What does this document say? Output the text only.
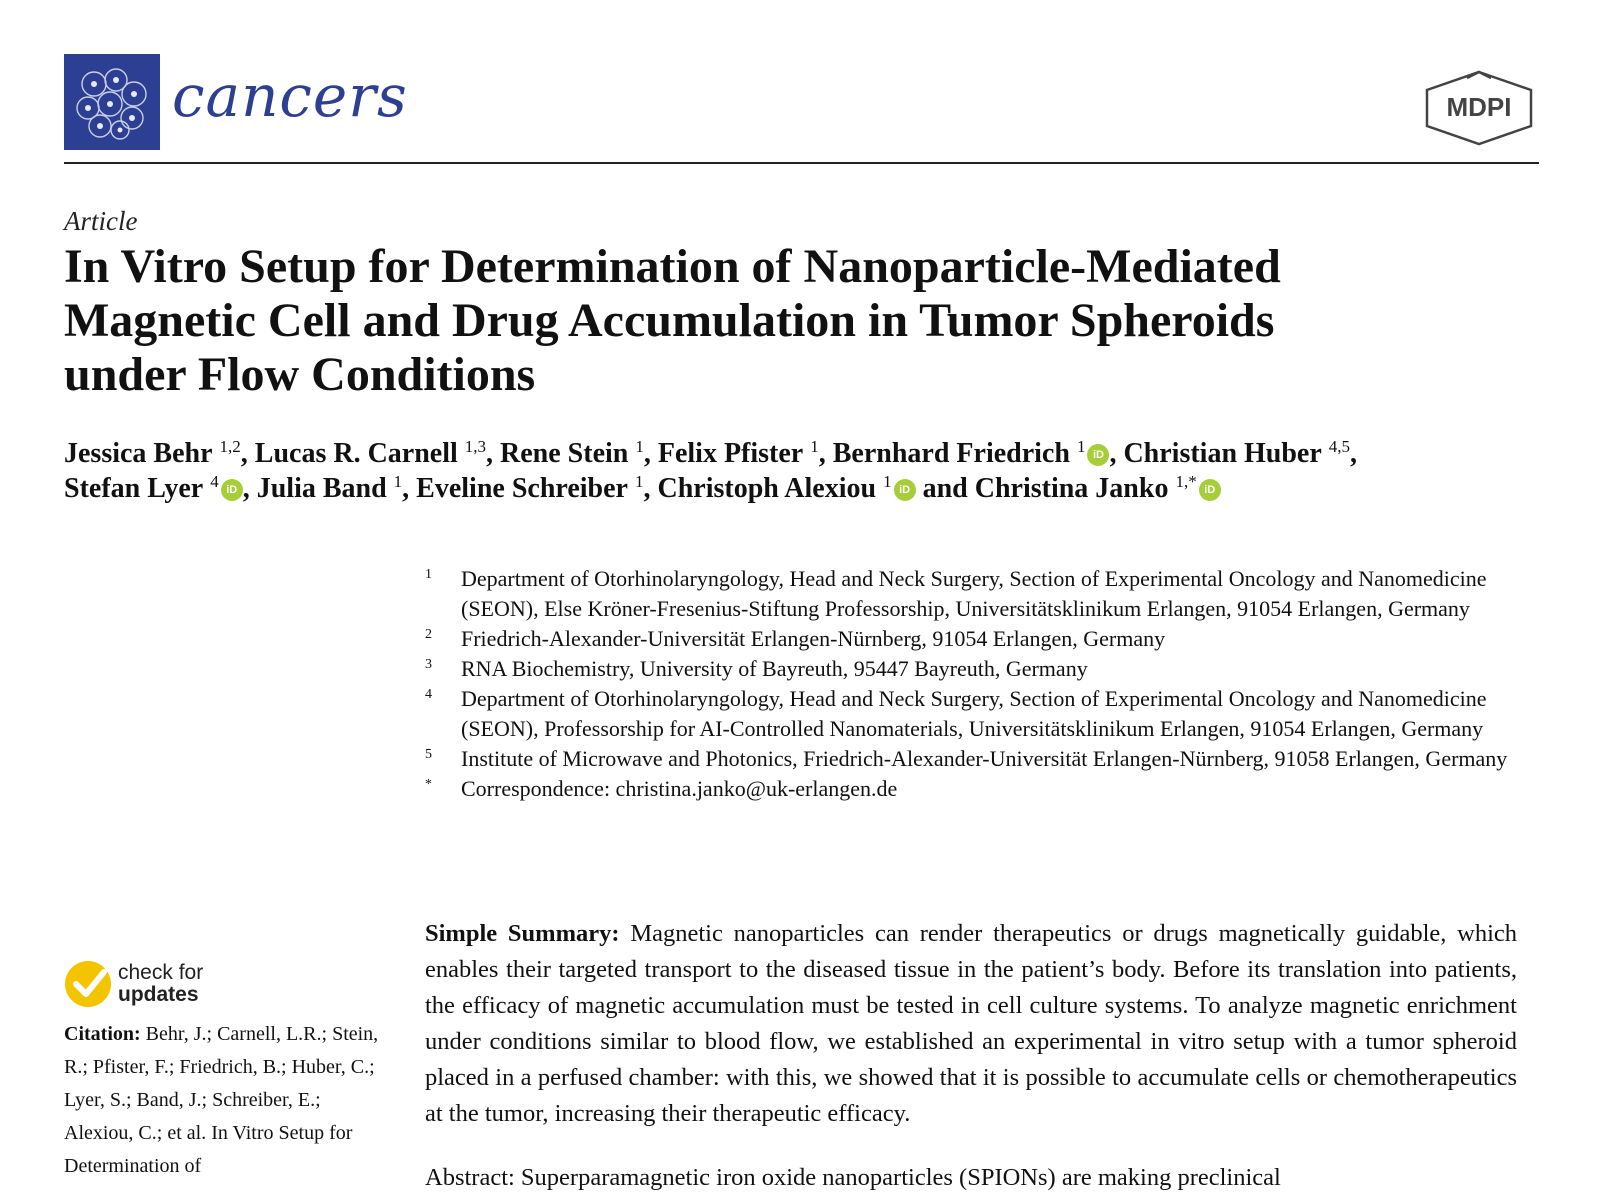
cancers	MDPI
Article
In Vitro Setup for Determination of Nanoparticle-Mediated
Magnetic Cell and Drug Accumulation in Tumor Spheroids
under Flow Conditions
Jessica Behr $^{1,2}$, Lucas R. Carnell $^{1,3}$, Rene Stein $^1$, Felix Pfister $^1$, Bernhard Friedrich $^1$ iD , Christian Huber $^{4,5}$,
Stefan Lyer $^4$ iD , Julia Band $^1$, Eveline Schreiber $^1$, Christoph Alexiou $^1$ iD and Christina Janko $^{1,*}$ iD
1	Department of Otorhinolaryngology, Head and Neck Surgery, Section of Experimental Oncology and Nanomedicine (SEON), Else Kröner-Fresenius-Stiftung Professorship, Universitätsklinikum Erlangen, 91054 Erlangen, Germany
2	Friedrich-Alexander-Universität Erlangen-Nürnberg, 91054 Erlangen, Germany
3	RNA Biochemistry, University of Bayreuth, 95447 Bayreuth, Germany
4	Department of Otorhinolaryngology, Head and Neck Surgery, Section of Experimental Oncology and Nanomedicine (SEON), Professorship for AI-Controlled Nanomaterials, Universitätsklinikum Erlangen, 91054 Erlangen, Germany
5	Institute of Microwave and Photonics, Friedrich-Alexander-Universität Erlangen-Nürnberg, 91058 Erlangen, Germany
*	Correspondence: christina.janko@uk-erlangen.de

Simple Summary: Magnetic nanoparticles can render therapeutics or drugs magnetically guidable, which enables their targeted transport to the diseased tissue in the patient’s body. Before its translation into patients, the efficacy of magnetic accumulation must be tested in cell culture systems. To analyze magnetic enrichment under conditions similar to blood flow, we established an experimental in vitro setup with a tumor spheroid placed in a perfused chamber: with this, we showed that it is possible to accumulate cells or chemotherapeutics at the tumor, increasing their therapeutic efficacy.

check for
updates
Citation: Behr, J.; Carnell, L.R.; Stein,
R.; Pfister, F.; Friedrich, B.; Huber, C.;
Lyer, S.; Band, J.; Schreiber, E.;
Alexiou, C.; et al. In Vitro Setup for
Determination of	Abstract: Superparamagnetic iron oxide nanoparticles (SPIONs) are making preclinical
